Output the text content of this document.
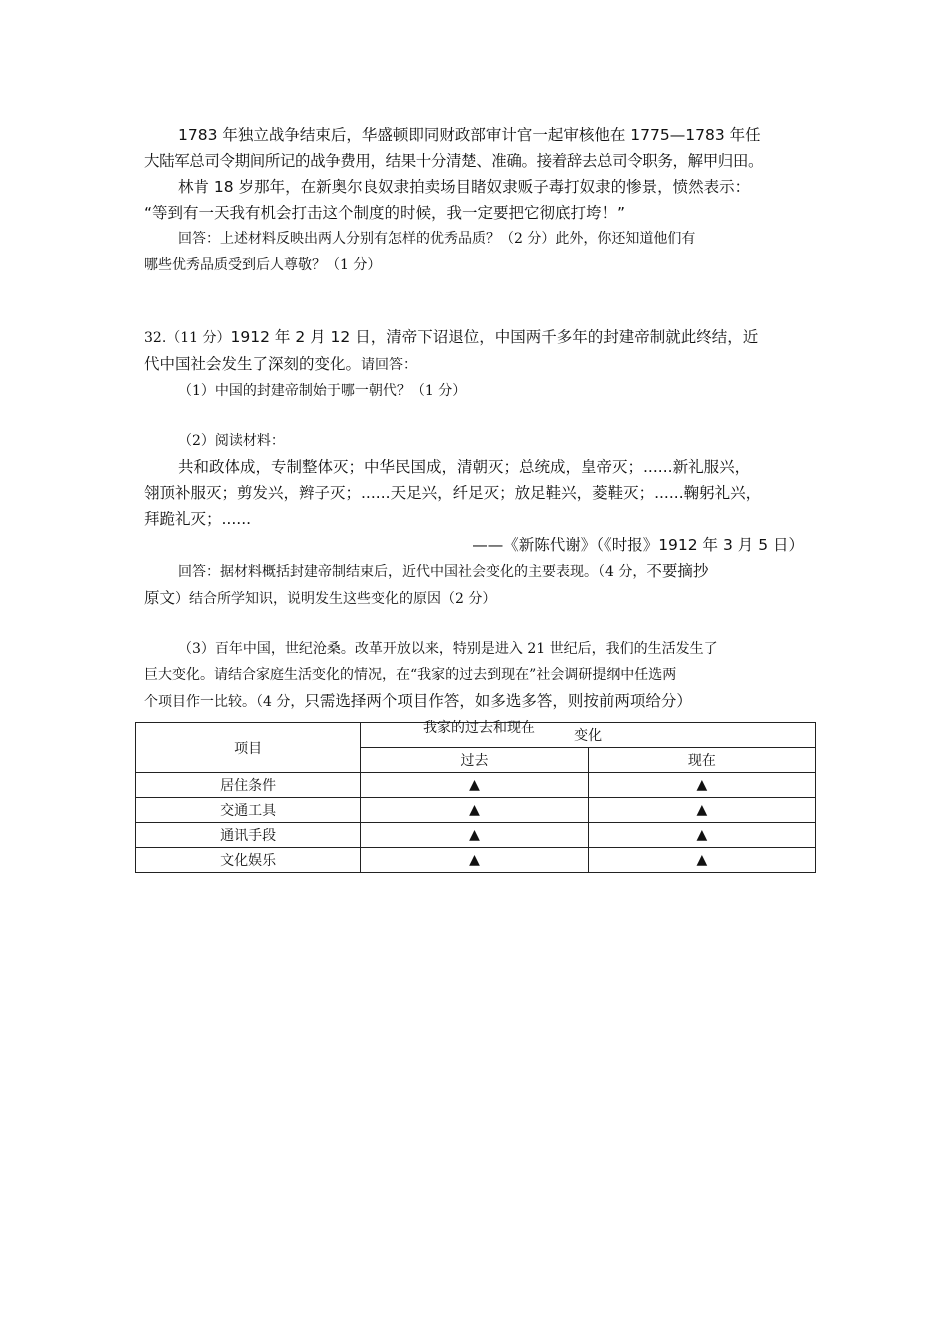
1783 年独立战争结束后，华盛顿即同财政部审计官一起审核他在 1775—1783 年任

大陆军总司令期间所记的战争费用，结果十分清楚、准确。接着辞去总司令职务，解甲归田。

林肯 18 岁那年，在新奥尔良奴隶拍卖场目睹奴隶贩子毒打奴隶的惨景，愤然表示：

“等到有一天我有机会打击这个制度的时候，我一定要把它彻底打垮！”

回答：上述材料反映出两人分别有怎样的优秀品质？（2 分）此外，你还知道他们有

哪些优秀品质受到后人尊敬？（1 分）

32.（11 分）1912 年 2 月 12 日，清帝下诏退位，中国两千多年的封建帝制就此终结，近

代中国社会发生了深刻的变化。请回答：

（1）中国的封建帝制始于哪一朝代？（1 分）

（2）阅读材料：

共和政体成，专制整体灭；中华民国成，清朝灭；总统成，皇帝灭；......新礼服兴，

翎顶补服灭；剪发兴，辫子灭；......天足兴，纤足灭；放足鞋兴，菱鞋灭；......鞠躬礼兴，

拜跪礼灭；......

——《新陈代谢》（《时报》1912 年 3 月 5 日）

回答：据材料概括封建帝制结束后，近代中国社会变化的主要表现。（4 分，不要摘抄

原文）结合所学知识，说明发生这些变化的原因（2 分）

（3）百年中国，世纪沧桑。改革开放以来，特别是进入 21 世纪后，我们的生活发生了

巨大变化。请结合家庭生活变化的情况，在“我家的过去到现在”社会调研提纲中任选两

个项目作一比较。（4 分，只需选择两个项目作答，如多选多答，则按前两项给分）

我家的过去和现在

项目	变化	
	过去	现在
居住条件	▲	▲
交通工具	▲	▲
通讯手段	▲	▲
文化娱乐	▲	▲
